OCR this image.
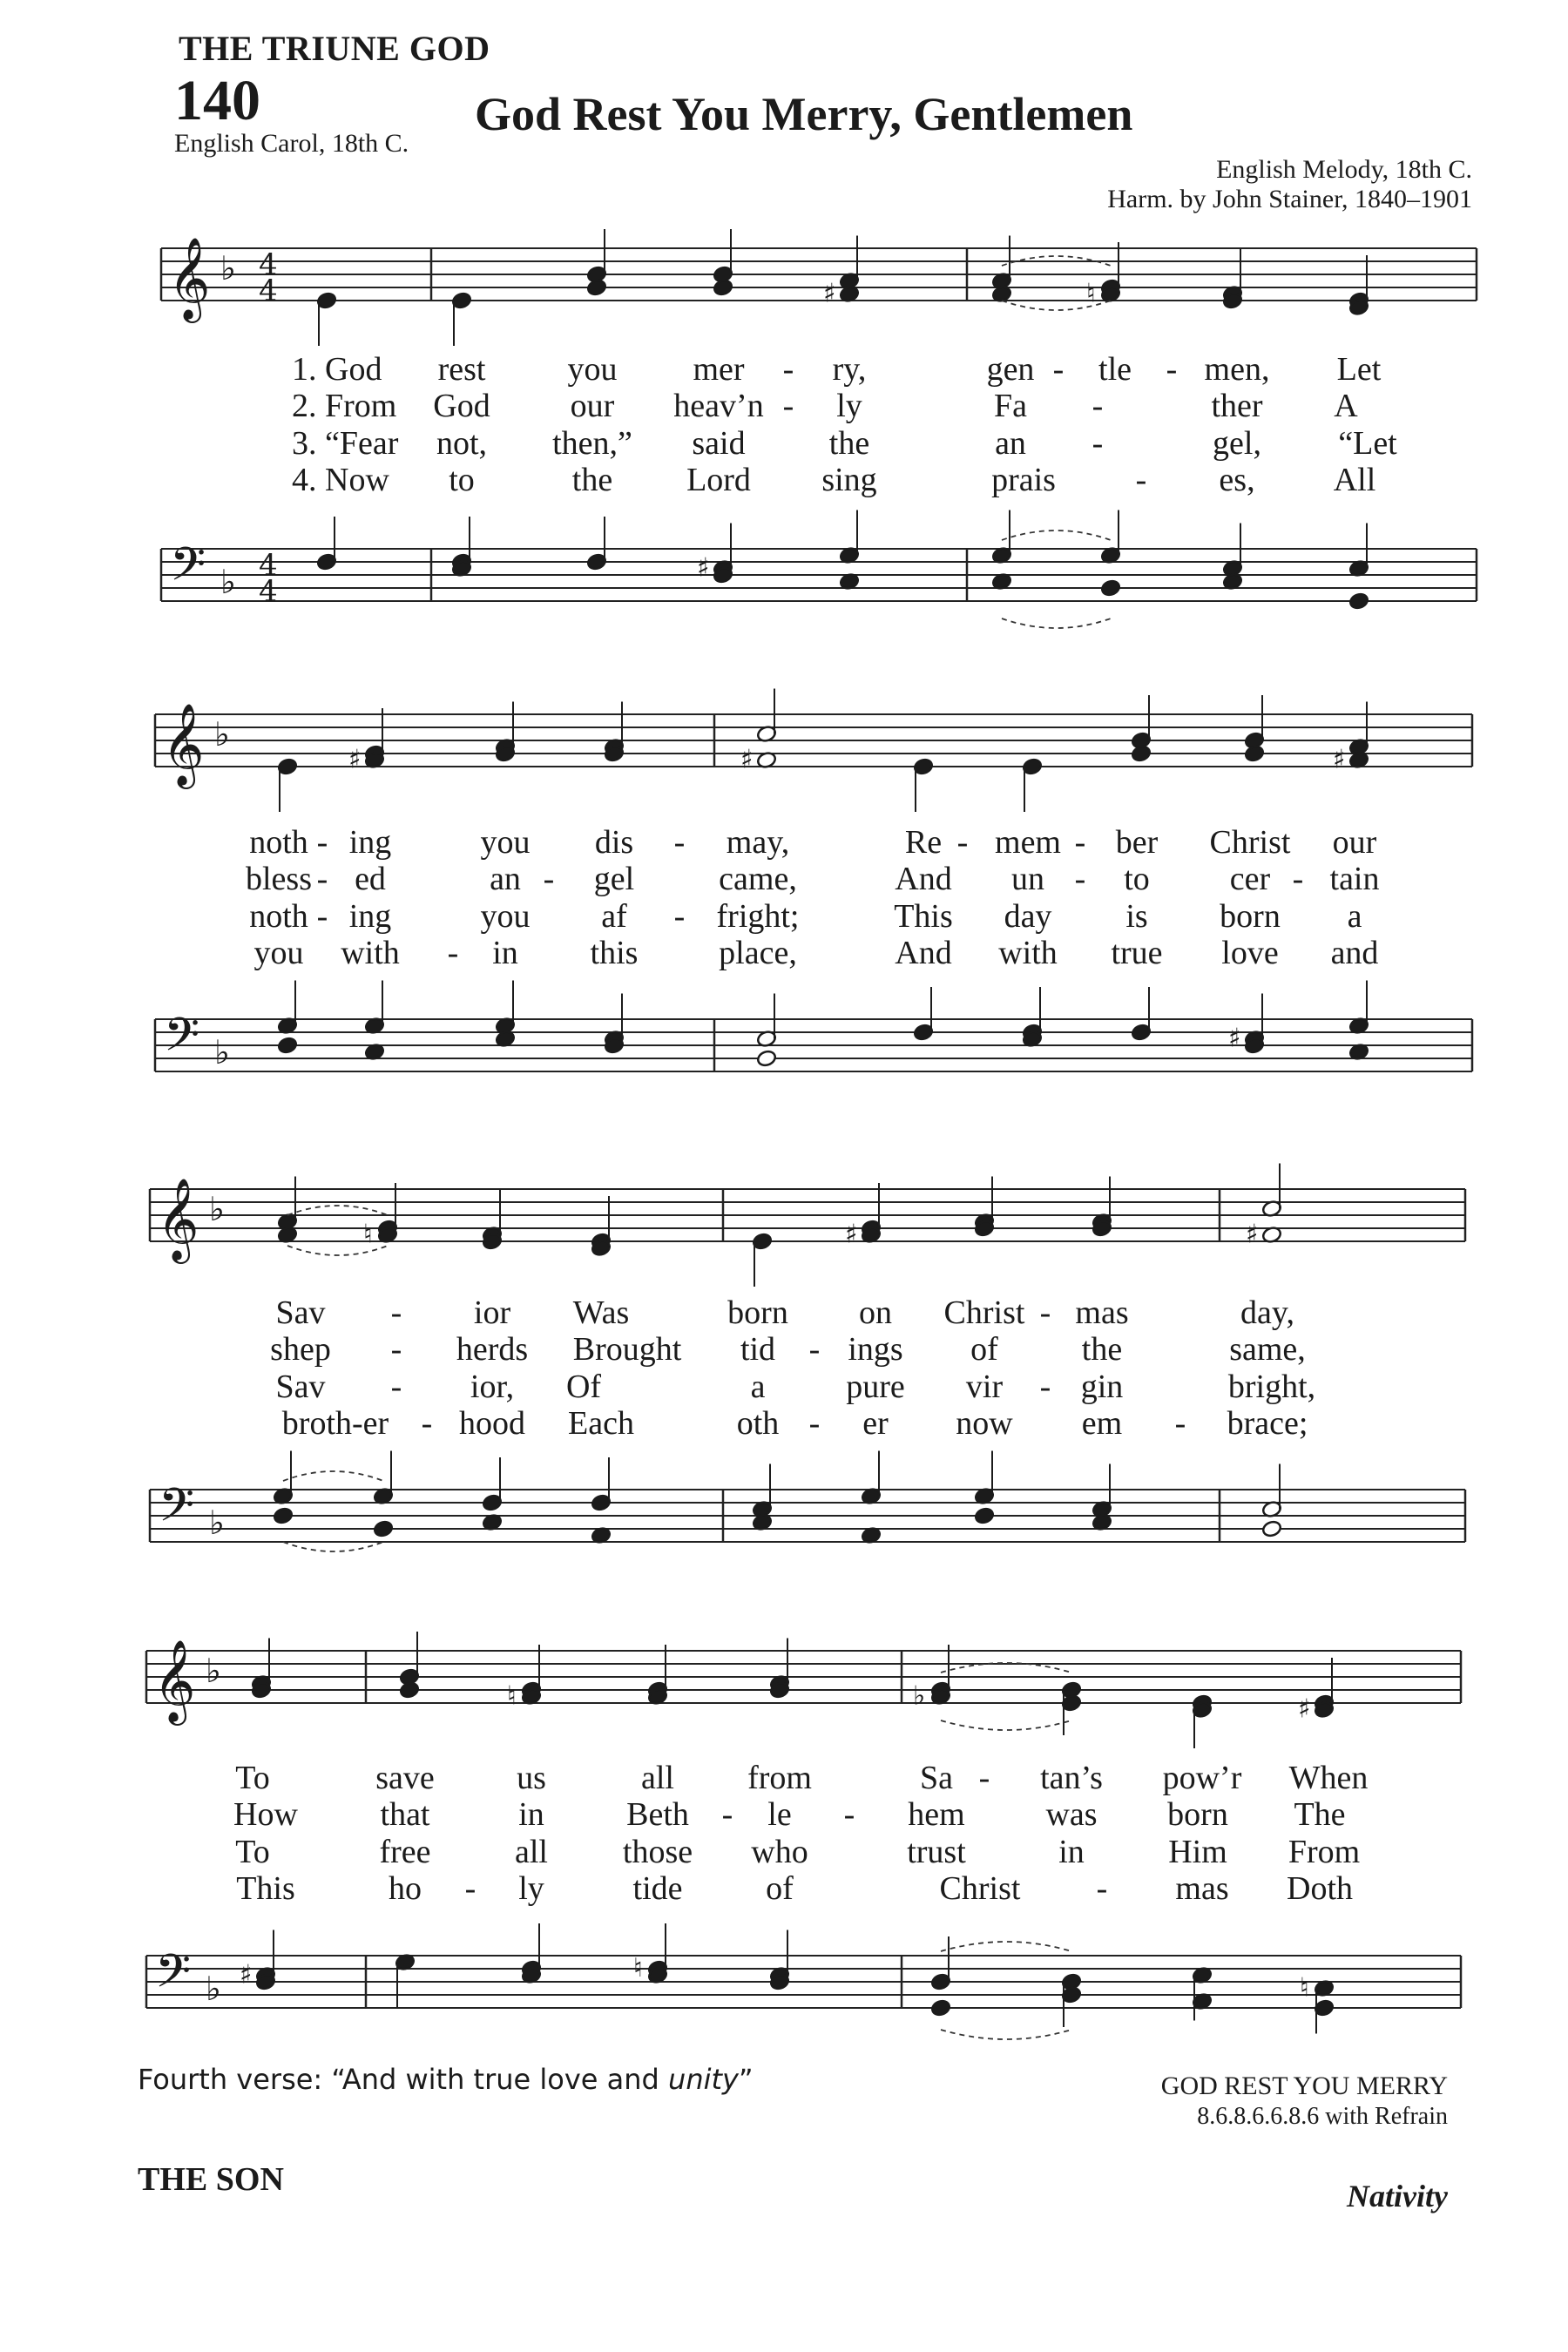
THE TRIUNE GOD
140	God Rest You Merry, Gentlemen
English Carol, 18th C.
English Melody, 18th C.
Harm. by John Stainer, 1840–1901
𝄞
𝄢
♭
♭
4
4
4
4
𝄞
𝄢
♭
♭
𝄞
𝄢
♭
♭
𝄞
𝄢
♭
♭
♯	♮
♯
♯	♯	♯
♯
♮	♯	♯
♮	♭	♯
♯	♮
♮
1. God rest you mer - ry,	gen - tle - men, Let
2. From God our heav’n - ly	Fa -	ther A
3. “Fear not, then,” said	the	an -	gel, “Let
4. Now to	the Lord sing	prais - es, All
noth - ing	you dis - may,	Re - mem - ber Christ our
bless - ed	an - gel	came,	And un - to cer - tain
noth - ing	you af - fright;	This day is born a
you with - in this place,	And with true love and
Sav - ior Was	born on Christ - mas	day,
shep - herds Brought tid - ings of	the	same,
Sav - ior, Of	a pure vir - gin	bright,
broth-er - hood Each	oth - er now em - brace;
To	save us	all from	Sa - tan’s pow’r When
How that	in Beth - le - hem was born The
To	free	all those who	trust	in	Him From
This	ho - ly	tide	of	Christ - mas Doth
Fourth verse: “And with true love and unity”	GOD REST YOU MERRY
8.6.8.6.6.8.6 with Refrain
THE SON	Nativity
